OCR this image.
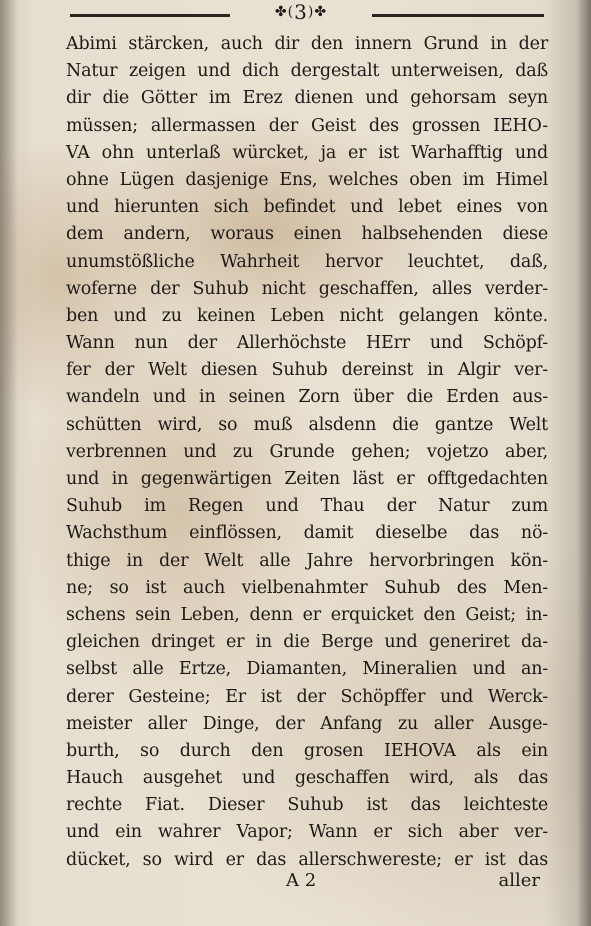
✤(3)✤
Abimi stärcken, auch dir den innern Grund in der
Natur zeigen und dich dergestalt unterweisen, daß
dir die Götter im Erez dienen und gehorsam seyn
müssen; allermassen der Geist des grossen IEHO-
VA ohn unterlaß würcket, ja er ist Warhafftig und
ohne Lügen dasjenige Ens, welches oben im Himel
und hierunten sich befindet und lebet eines von
dem andern, woraus einen halbsehenden diese
unumstößliche Wahrheit hervor leuchtet, daß,
woferne der Suhub nicht geschaffen, alles verder-
ben und zu keinen Leben nicht gelangen könte.
Wann nun der Allerhöchste HErr und Schöpf-
fer der Welt diesen Suhub dereinst in Algir ver-
wandeln und in seinen Zorn über die Erden aus-
schütten wird, so muß alsdenn die gantze Welt
verbrennen und zu Grunde gehen; vojetzo aber,
und in gegenwärtigen Zeiten läst er offtgedachten
Suhub im Regen und Thau der Natur zum
Wachsthum einflössen, damit dieselbe das nö-
thige in der Welt alle Jahre hervorbringen kön-
ne; so ist auch vielbenahmter Suhub des Men-
schens sein Leben, denn er erquicket den Geist; in-
gleichen dringet er in die Berge und generiret da-
selbst alle Ertze, Diamanten, Mineralien und an-
derer Gesteine; Er ist der Schöpffer und Werck-
meister aller Dinge, der Anfang zu aller Ausge-
burth, so durch den grosen IEHOVA als ein
Hauch ausgehet und geschaffen wird, als das
rechte Fiat. Dieser Suhub ist das leichteste
und ein wahrer Vapor; Wann er sich aber ver-
dücket, so wird er das allerschwereste; er ist das
A 2	aller
